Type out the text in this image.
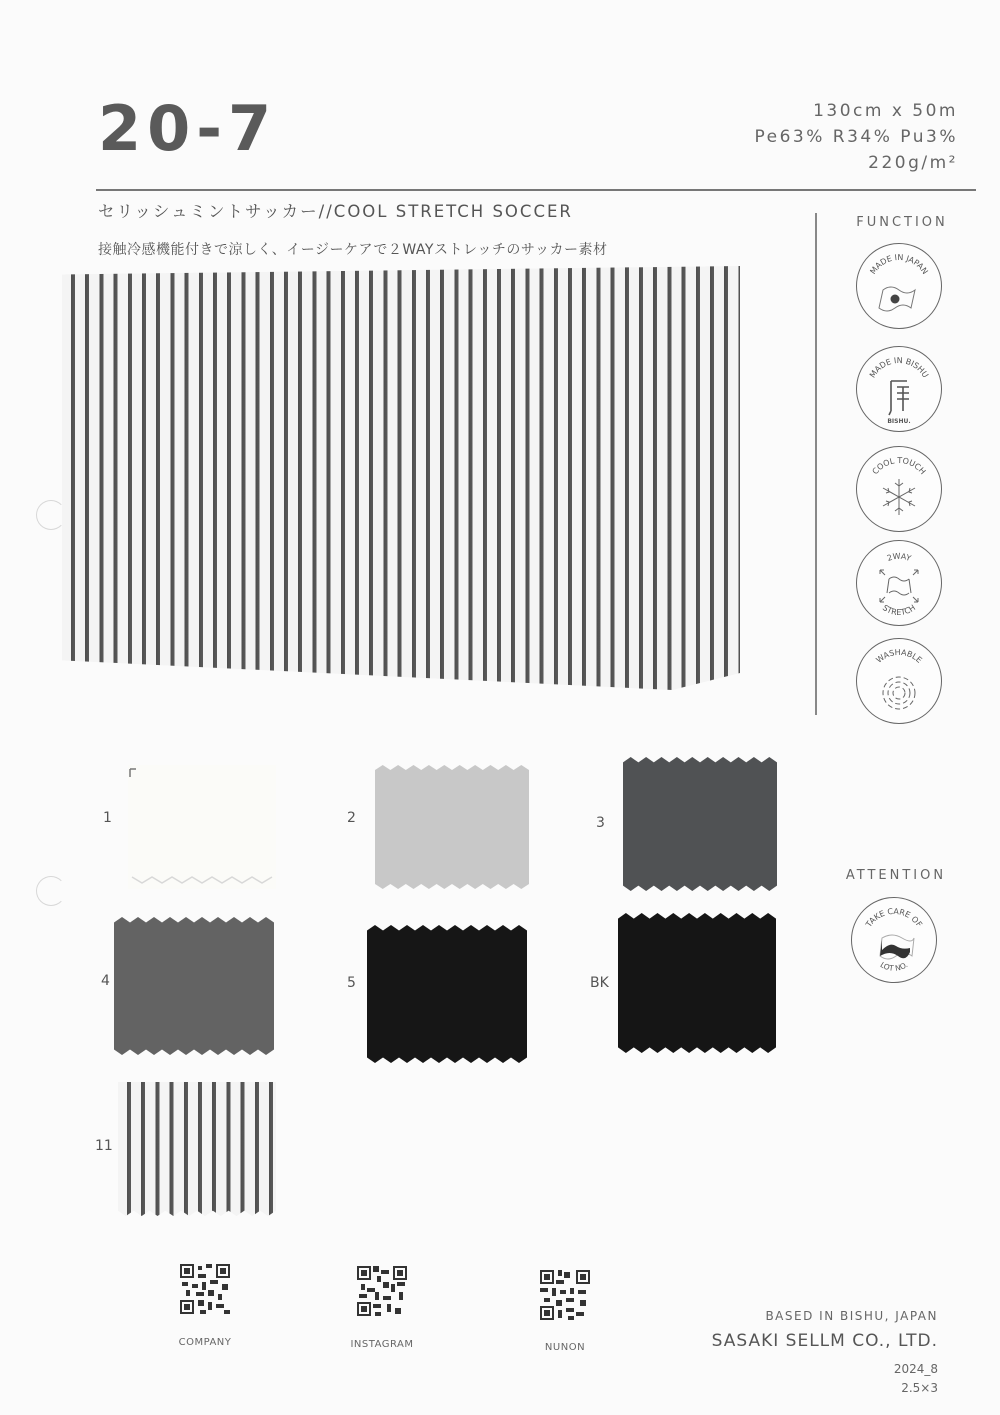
20-7	130cm x 50m
Pe63% R34% Pu3%
220g/m²
セリッシュミントサッカー//COOL STRETCH SOCCER
接触冷感機能付きで涼しく、イージーケアで２WAYストレッチのサッカー素材
FUNCTION
MADE IN JAPAN
MADE IN BISHU
BISHU.
COOL TOUCH
2WAY
STRETCH
WASHABLE
ATTENTION
TAKE CARE OF
LOT NO.
1	2	3
4	5	BK
11
COMPANY	INSTAGRAM	NUNON
BASED IN BISHU, JAPAN
SASAKI SELLM CO., LTD.
2024_8
2.5×3
